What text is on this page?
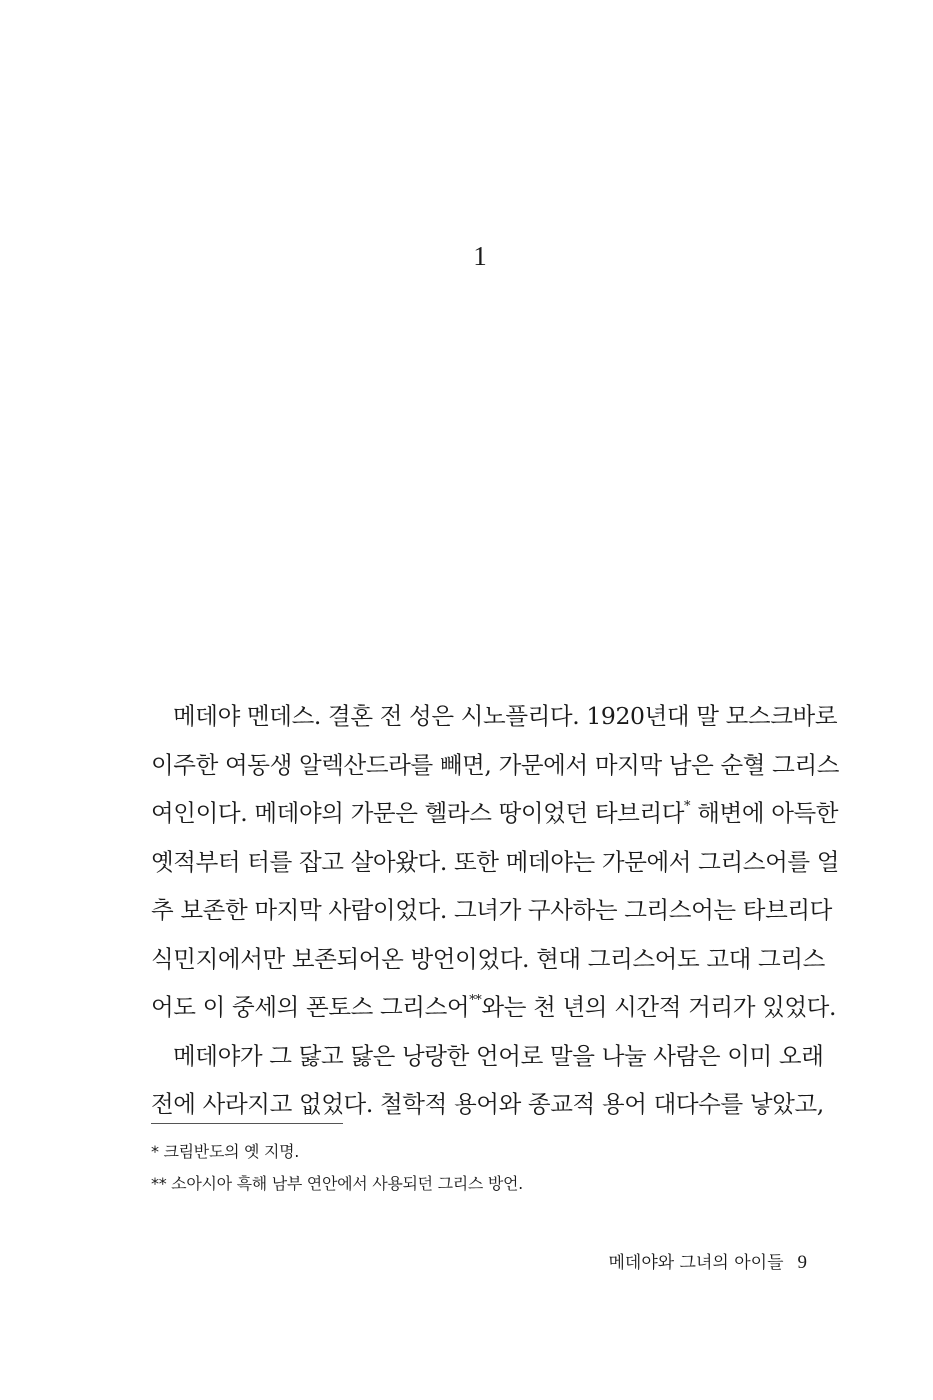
1
메데야 멘데스. 결혼 전 성은 시노플리다. 1920년대 말 모스크바로
이주한 여동생 알렉산드라를 빼면, 가문에서 마지막 남은 순혈 그리스
여인이다. 메데야의 가문은 헬라스 땅이었던 타브리다* 해변에 아득한
옛적부터 터를 잡고 살아왔다. 또한 메데야는 가문에서 그리스어를 얼
추 보존한 마지막 사람이었다. 그녀가 구사하는 그리스어는 타브리다
식민지에서만 보존되어온 방언이었다. 현대 그리스어도 고대 그리스
어도 이 중세의 폰토스 그리스어**와는 천 년의 시간적 거리가 있었다.
메데야가 그 닳고 닳은 낭랑한 언어로 말을 나눌 사람은 이미 오래
전에 사라지고 없었다. 철학적 용어와 종교적 용어 대다수를 낳았고,
* 크림반도의 옛 지명.
** 소아시아 흑해 남부 연안에서 사용되던 그리스 방언.
메데야와 그녀의 아이들 9
